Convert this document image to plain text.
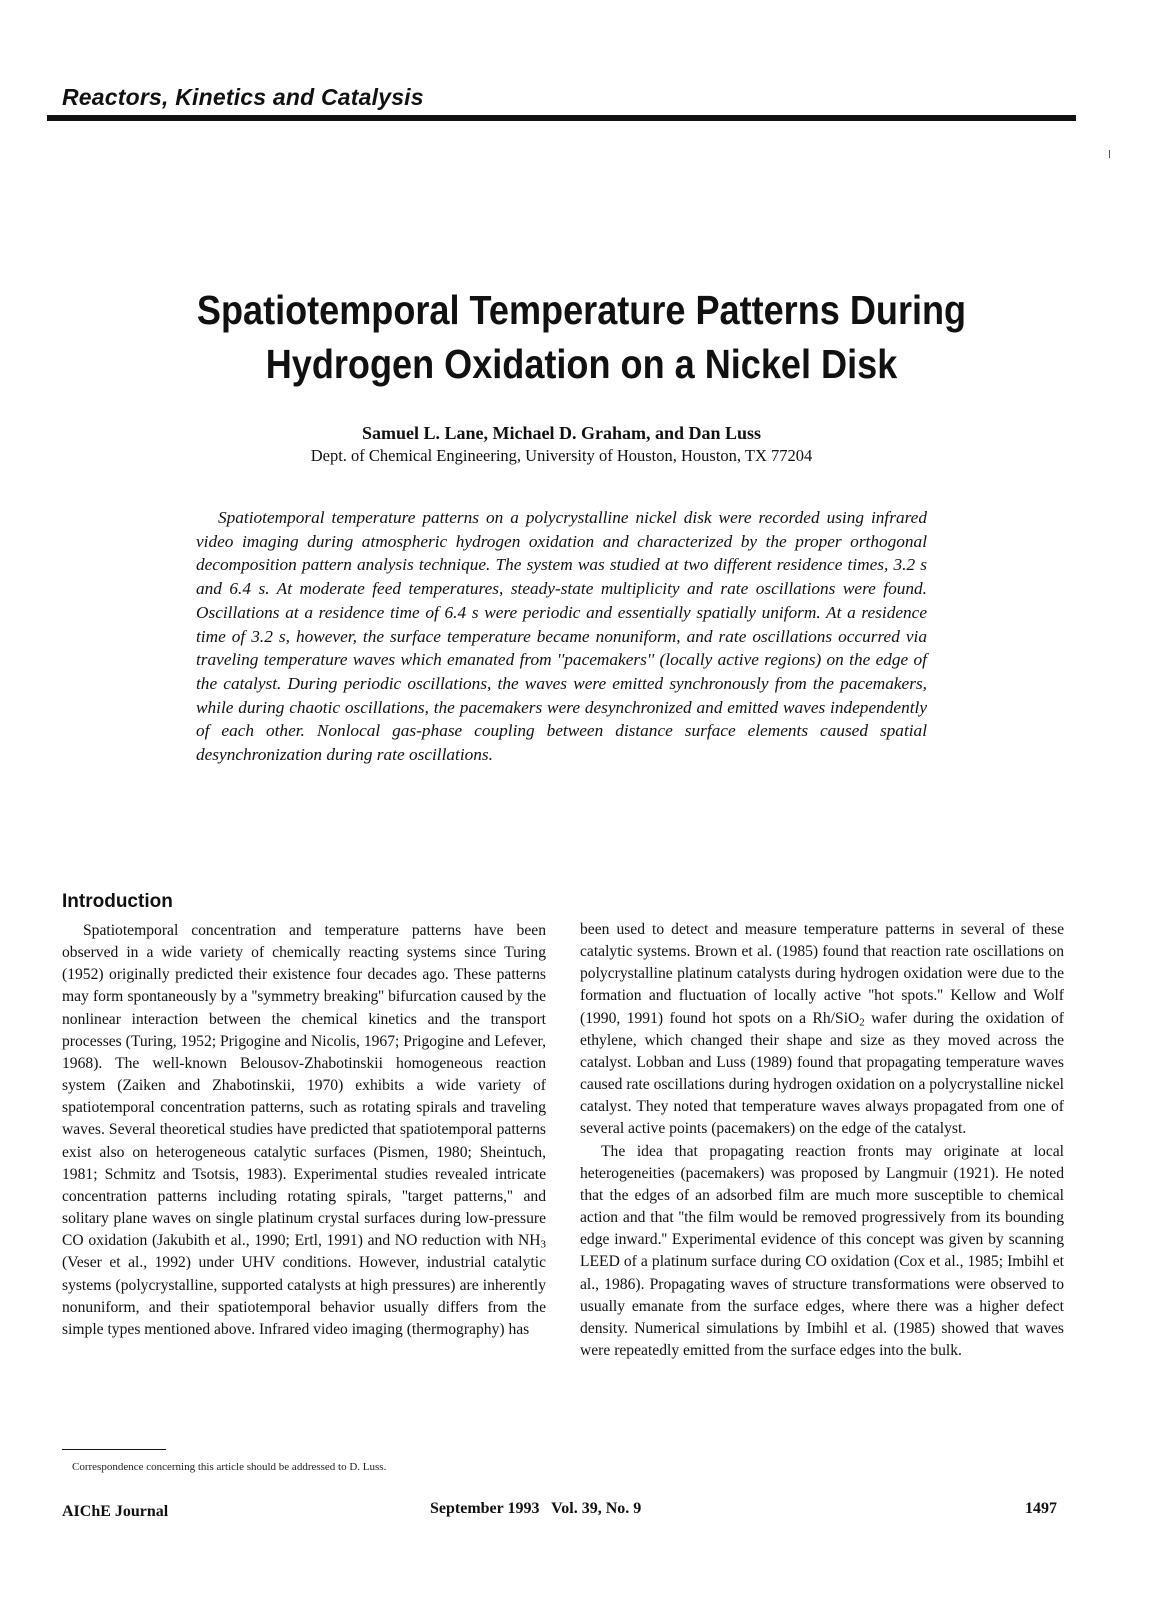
Reactors, Kinetics and Catalysis
Spatiotemporal Temperature Patterns During
Hydrogen Oxidation on a Nickel Disk
Samuel L. Lane, Michael D. Graham, and Dan Luss
Dept. of Chemical Engineering, University of Houston, Houston, TX 77204
Spatiotemporal temperature patterns on a polycrystalline nickel disk were recorded using infrared video imaging during atmospheric hydrogen oxidation and characterized by the proper orthogonal decomposition pattern analysis technique. The system was studied at two different residence times, 3.2 s and 6.4 s. At moderate feed temperatures, steady-state multiplicity and rate oscillations were found. Oscillations at a residence time of 6.4 s were periodic and essentially spatially uniform. At a residence time of 3.2 s, however, the surface temperature became nonuniform, and rate oscillations occurred via traveling temperature waves which emanated from ''pacemakers'' (locally active regions) on the edge of the catalyst. During periodic oscillations, the waves were emitted synchronously from the pacemakers, while during chaotic oscillations, the pacemakers were desynchronized and emitted waves independently of each other. Nonlocal gas-phase coupling between distance surface elements caused spatial desynchronization during rate oscillations.
Introduction

Spatiotemporal concentration and temperature patterns have been observed in a wide variety of chemically reacting systems since Turing (1952) originally predicted their existence four decades ago. These patterns may form spontaneously by a ''symmetry breaking'' bifurcation caused by the nonlinear interaction between the chemical kinetics and the transport processes (Turing, 1952; Prigogine and Nicolis, 1967; Prigogine and Lefever, 1968). The well-known Belousov-Zhabotinskii homogeneous reaction system (Zaiken and Zhabotinskii, 1970) exhibits a wide variety of spatiotemporal concentration patterns, such as rotating spirals and traveling waves. Several theoretical studies have predicted that spatiotemporal patterns exist also on heterogeneous catalytic surfaces (Pismen, 1980; Sheintuch, 1981; Schmitz and Tsotsis, 1983). Experimental studies revealed intricate concentration patterns including rotating spirals, ''target patterns,'' and solitary plane waves on single platinum crystal surfaces during low-pressure CO oxidation (Jakubith et al., 1990; Ertl, 1991) and NO reduction with $NH_3$ (Veser et al., 1992) under UHV conditions. However, industrial catalytic systems (polycrystalline, supported catalysts at high pressures) are inherently nonuniform, and their spatiotemporal behavior usually differs from the simple types mentioned above. Infrared video imaging (thermography) has

been used to detect and measure temperature patterns in several of these catalytic systems. Brown et al. (1985) found that reaction rate oscillations on polycrystalline platinum catalysts during hydrogen oxidation were due to the formation and fluctuation of locally active ''hot spots.'' Kellow and Wolf (1990, 1991) found hot spots on a Rh/SiO$_2$ wafer during the oxidation of ethylene, which changed their shape and size as they moved across the catalyst. Lobban and Luss (1989) found that propagating temperature waves caused rate oscillations during hydrogen oxidation on a polycrystalline nickel catalyst. They noted that temperature waves always propagated from one of several active points (pacemakers) on the edge of the catalyst.

The idea that propagating reaction fronts may originate at local heterogeneities (pacemakers) was proposed by Langmuir (1921). He noted that the edges of an adsorbed film are much more susceptible to chemical action and that ''the film would be removed progressively from its bounding edge inward.'' Experimental evidence of this concept was given by scanning LEED of a platinum surface during CO oxidation (Cox et al., 1985; Imbihl et al., 1986). Propagating waves of structure transformations were observed to usually emanate from the surface edges, where there was a higher defect density. Numerical simulations by Imbihl et al. (1985) showed that waves were repeatedly emitted from the surface edges into the bulk.

Correspondence concerning this article should be addressed to D. Luss.
AIChE Journal	September 1993   Vol. 39, No. 9	1497
